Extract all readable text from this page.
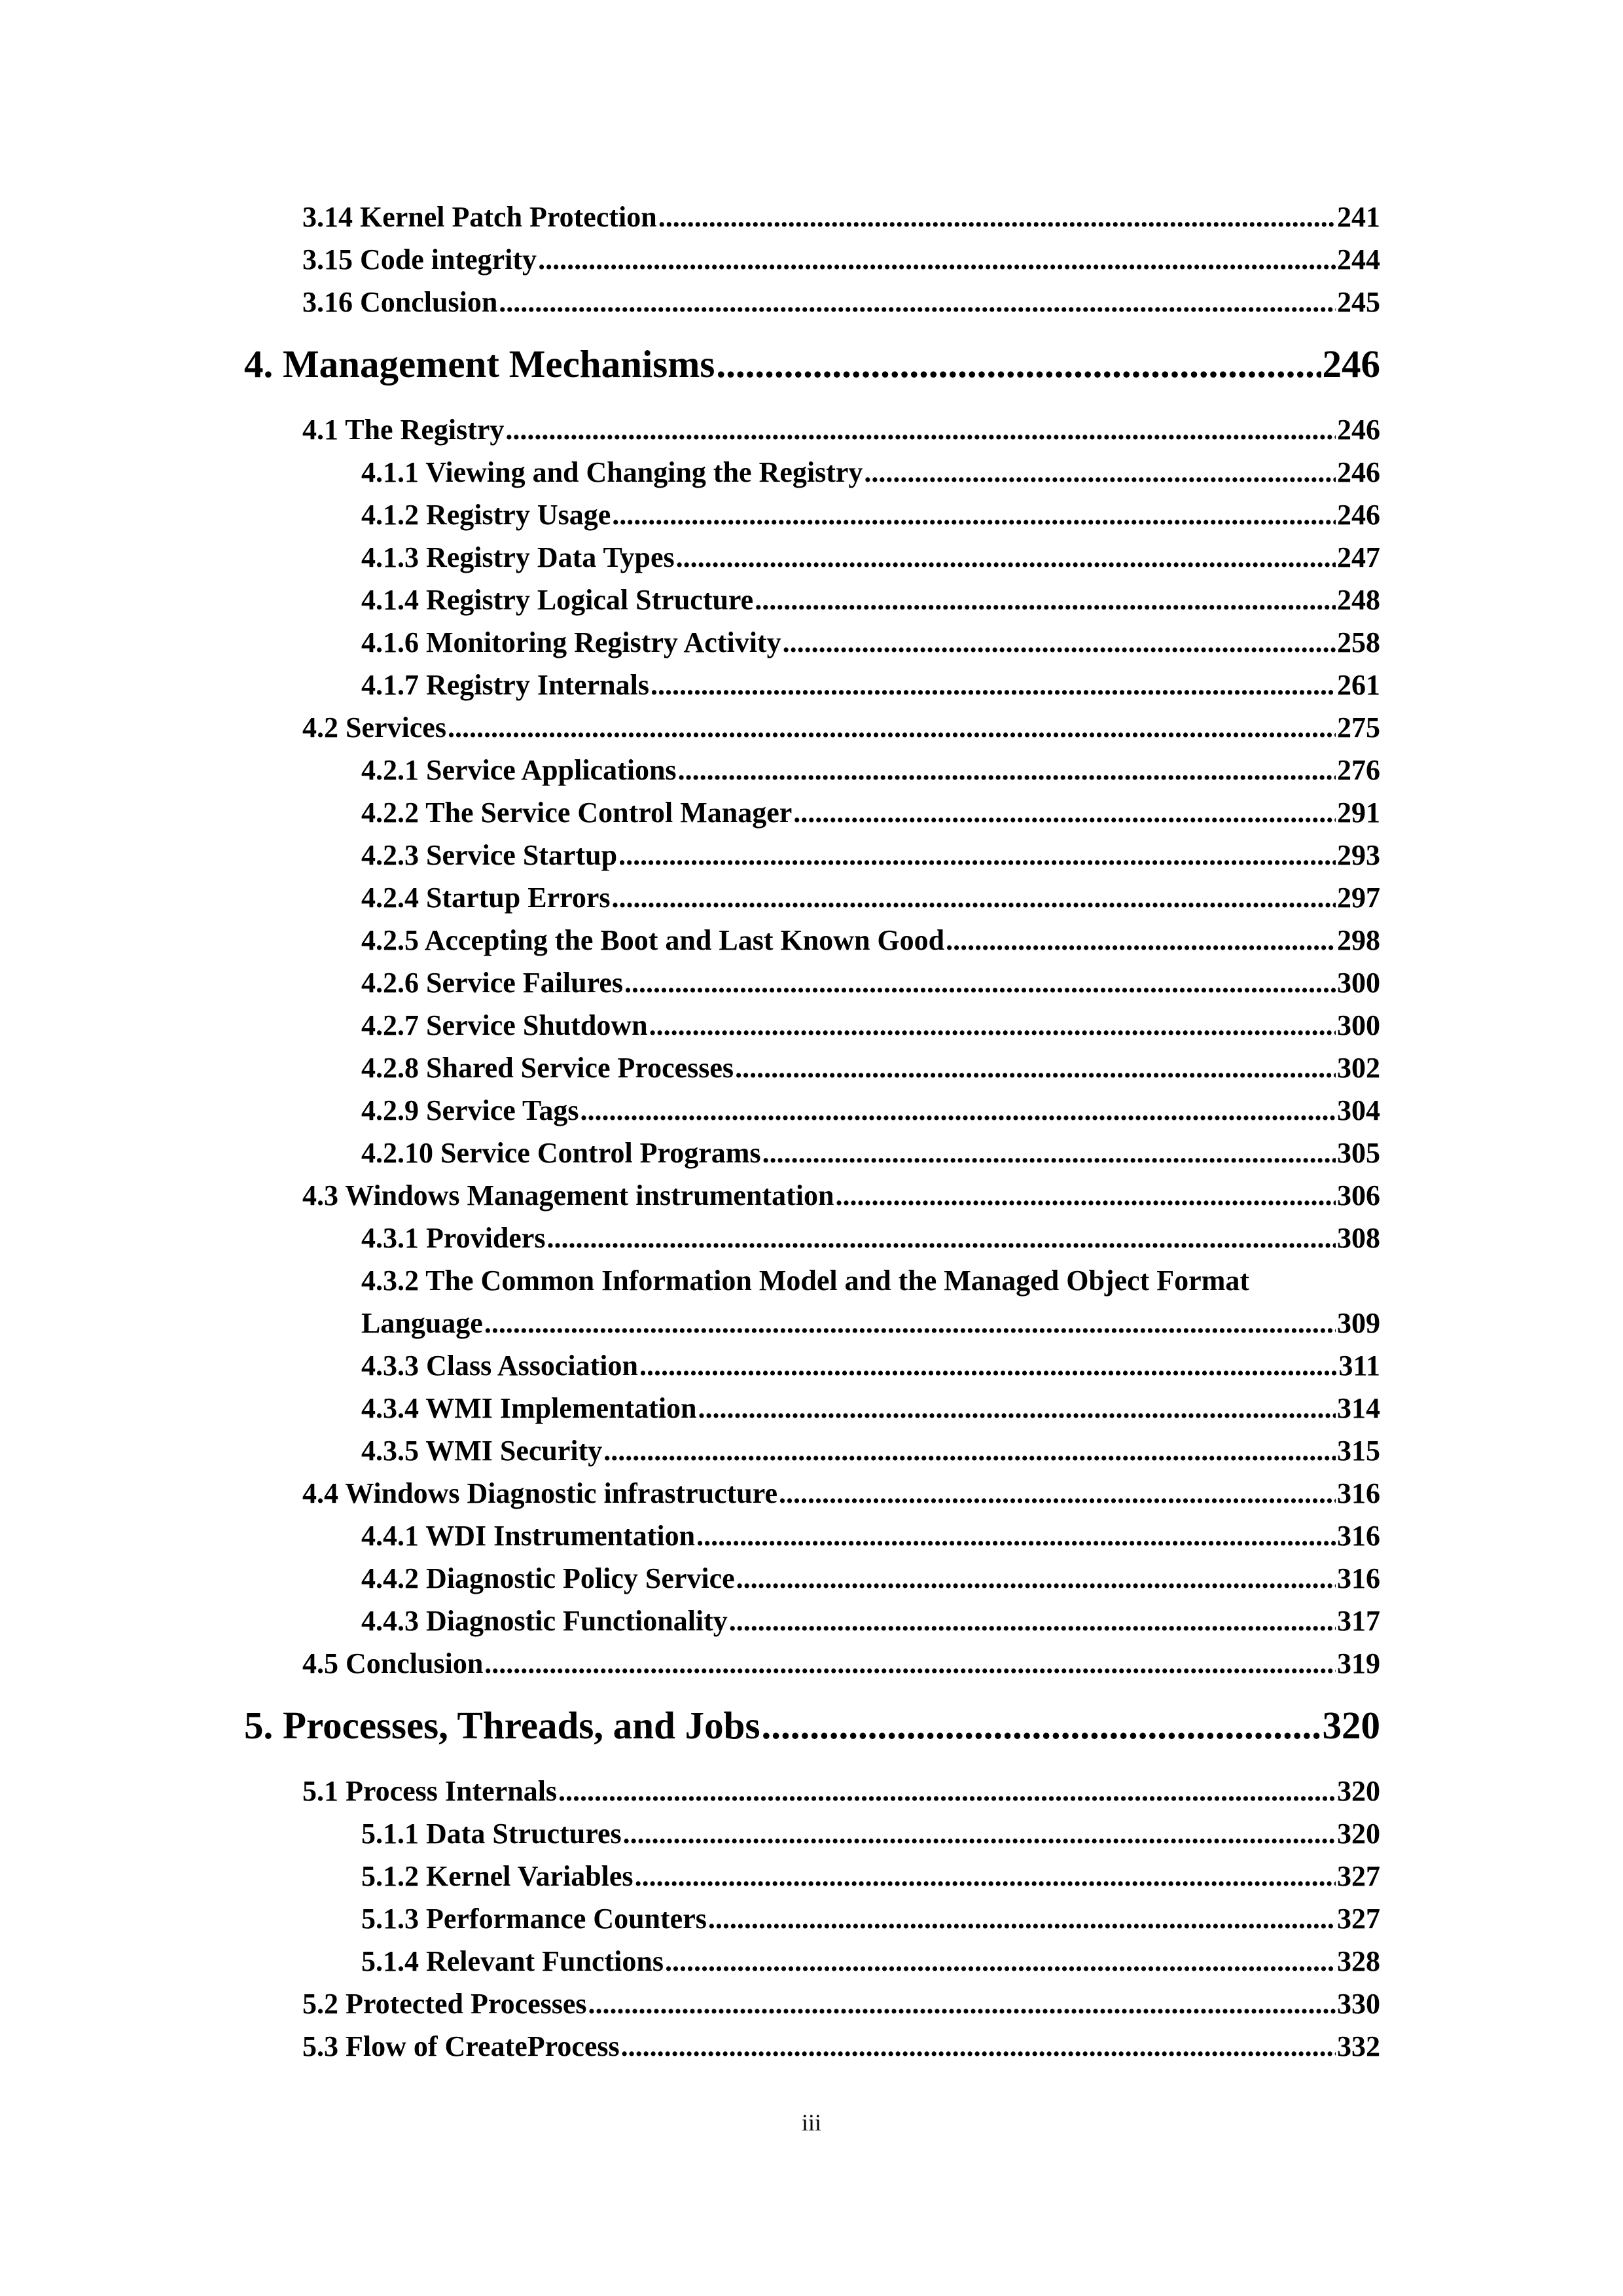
3.14 Kernel Patch Protection .....	241
3.15 Code integrity .....	244
3.16 Conclusion .....	245
4. Management Mechanisms .....	246
4.1 The Registry .....	246
4.1.1 Viewing and Changing the Registry .....	246
4.1.2 Registry Usage .....	246
4.1.3 Registry Data Types .....	247
4.1.4 Registry Logical Structure .....	248
4.1.6 Monitoring Registry Activity .....	258
4.1.7 Registry Internals .....	261
4.2 Services .....	275
4.2.1 Service Applications .....	276
4.2.2 The Service Control Manager .....	291
4.2.3 Service Startup .....	293
4.2.4 Startup Errors .....	297
4.2.5 Accepting the Boot and Last Known Good .....	298
4.2.6 Service Failures .....	300
4.2.7 Service Shutdown .....	300
4.2.8 Shared Service Processes .....	302
4.2.9 Service Tags .....	304
4.2.10 Service Control Programs .....	305
4.3 Windows Management instrumentation .....	306
4.3.1 Providers .....	308
4.3.2 The Common Information Model and the Managed Object Format
Language .....	309
4.3.3 Class Association .....	311
4.3.4 WMI Implementation .....	314
4.3.5 WMI Security .....	315
4.4 Windows Diagnostic infrastructure .....	316
4.4.1 WDI Instrumentation .....	316
4.4.2 Diagnostic Policy Service .....	316
4.4.3 Diagnostic Functionality .....	317
4.5 Conclusion .....	319
5. Processes, Threads, and Jobs .....	320
5.1 Process Internals .....	320
5.1.1 Data Structures .....	320
5.1.2 Kernel Variables .....	327
5.1.3 Performance Counters .....	327
5.1.4 Relevant Functions .....	328
5.2 Protected Processes .....	330
5.3 Flow of CreateProcess .....	332
iii
